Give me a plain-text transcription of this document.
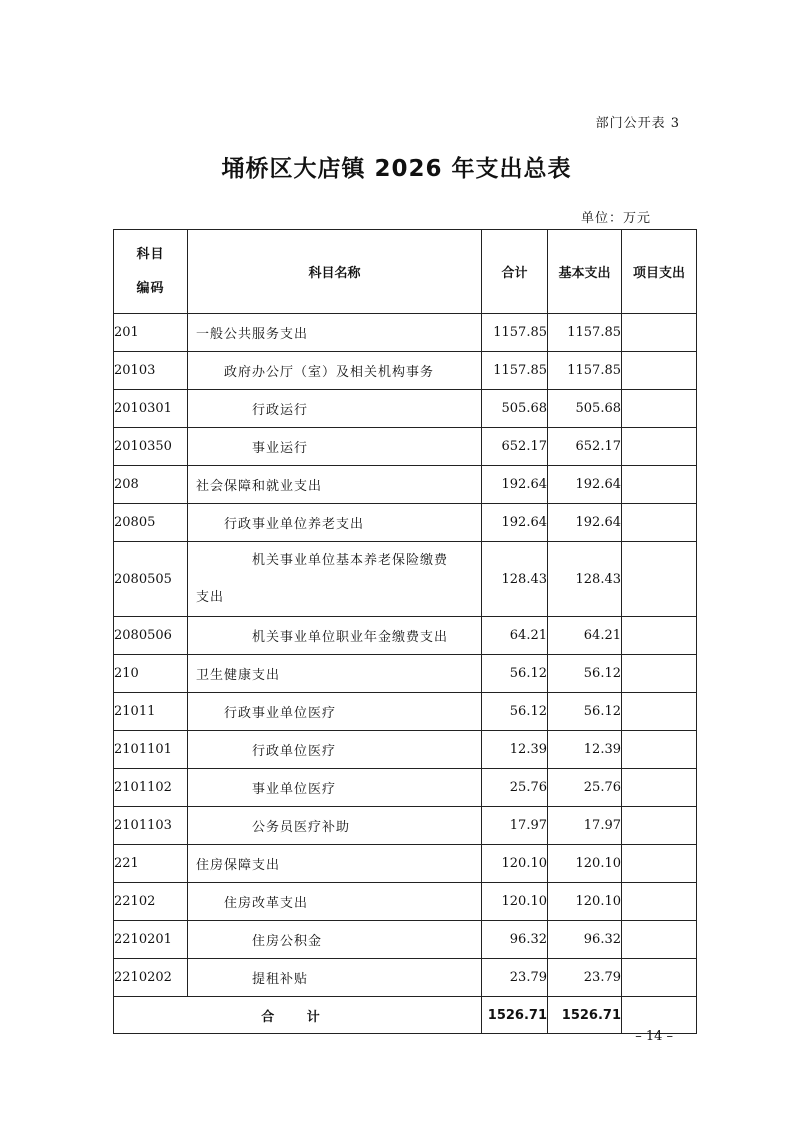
部门公开表 3
埇桥区大店镇 2026 年支出总表
单位：万元
科目
编码	科目名称	合计	基本支出	项目支出
201	一般公共服务支出	1157.85	1157.85	
20103	政府办公厅（室）及相关机构事务	1157.85	1157.85	
2010301	行政运行	505.68	505.68	
2010350	事业运行	652.17	652.17	
208	社会保障和就业支出	192.64	192.64	
20805	行政事业单位养老支出	192.64	192.64	
2080505	机关事业单位基本养老保险缴费
支出	128.43	128.43	
2080506	机关事业单位职业年金缴费支出	64.21	64.21	
210	卫生健康支出	56.12	56.12	
21011	行政事业单位医疗	56.12	56.12	
2101101	行政单位医疗	12.39	12.39	
2101102	事业单位医疗	25.76	25.76	
2101103	公务员医疗补助	17.97	17.97	
221	住房保障支出	120.10	120.10	
22102	住房改革支出	120.10	120.10	
2210201	住房公积金	96.32	96.32	
2210202	提租补贴	23.79	23.79	
合 计		1526.71	1526.71	
– 14 –
